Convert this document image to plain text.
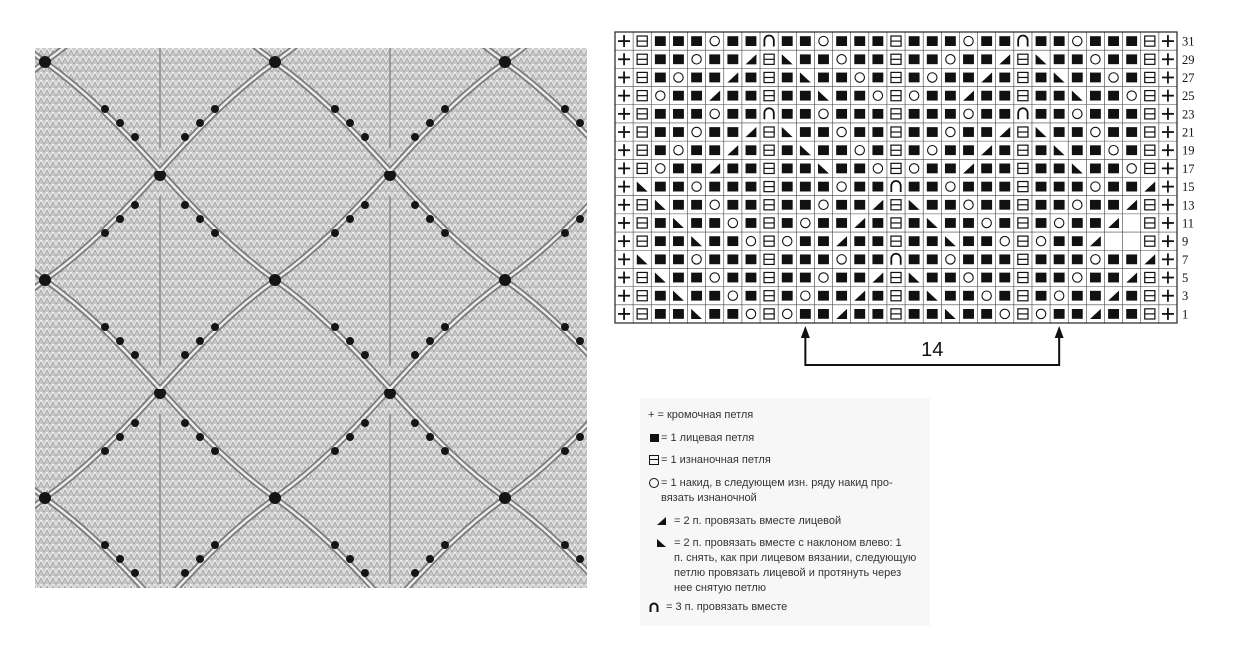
31
29
27
25
23
21
19
17
15
13
11
9
7
5
3
1
14
+ = кромочная петля
= 1 лицевая петля
= 1 изнаночная петля
= 1 накид, в следующем изн. ряду накид про-
вязать изнаночной
= 2 п. провязать вместе лицевой
= 2 п. провязать вместе с наклоном влево: 1
п. снять, как при лицевом вязании, следующую
петлю провязать лицевой и протянуть через
нее снятую петлю
= 3 п. провязать вместе
